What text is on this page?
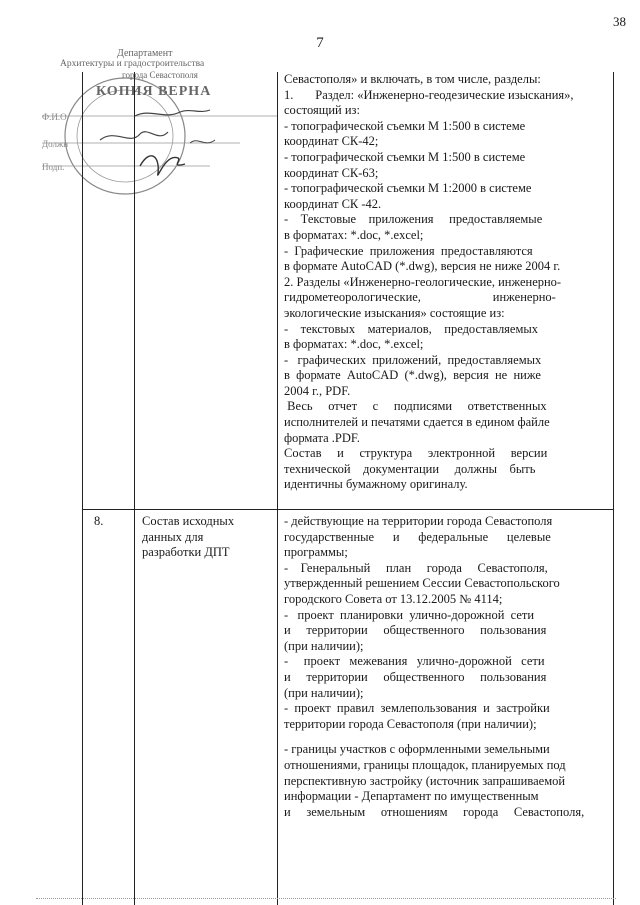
38
7
Ф.И.О
Должн
Подп.
Департамент
Архитектуры и градостроительства
города Севастополя
КОПИЯ ВЕРНА
Севастополя» и включать, в том числе, разделы:
1.       Раздел: «Инженерно-геодезические изыскания»,
состоящий из:
- топографической съемки М 1:500 в системе
координат СК-42;
- топографической съемки М 1:500 в системе
координат СК-63;
- топографической съемки М 1:2000 в системе
координат СК -42.
-    Текстовые    приложения     предоставляемые
в форматах: *.doc, *.excel;
-  Графические  приложения  предоставляются
в формате AutoCAD (*.dwg), версия не ниже 2004 г.
2. Разделы «Инженерно-геологические, инженерно-
гидрометеорологические,                       инженерно-
экологические изыскания» состоящие из:
-    текстовых    материалов,    предоставляемых
в форматах: *.doc, *.excel;
-   графических  приложений,  предоставляемых
в  формате  AutoCAD  (*.dwg),  версия  не  ниже
2004 г., PDF.
Весь     отчет     с     подписями     ответственных
исполнителей и печатями сдается в едином файле
формата .PDF.
Состав     и     структура     электронной     версии
технической    документации     должны    быть
идентичны бумажному оригиналу.
8.	Состав исходных
данных для
разработки ДПТ
- действующие на территории города Севастополя
государственные      и      федеральные      целевые
программы;
-    Генеральный     план     города     Севастополя,
утвержденный решением Сессии Севастопольского
городского Совета от 13.12.2005 № 4114;
-   проект  планировки  улично-дорожной  сети
и     территории     общественного     пользования
(при наличии);
-     проект   межевания   улично-дорожной   сети
и     территории     общественного     пользования
(при наличии);
-  проект  правил  землепользования  и  застройки
территории города Севастополя (при наличии);
- границы участков с оформленными земельными
отношениями, границы площадок, планируемых под
перспективную застройку (источник запрашиваемой
информации - Департамент по имущественным
и     земельным     отношениям     города     Севастополя,
